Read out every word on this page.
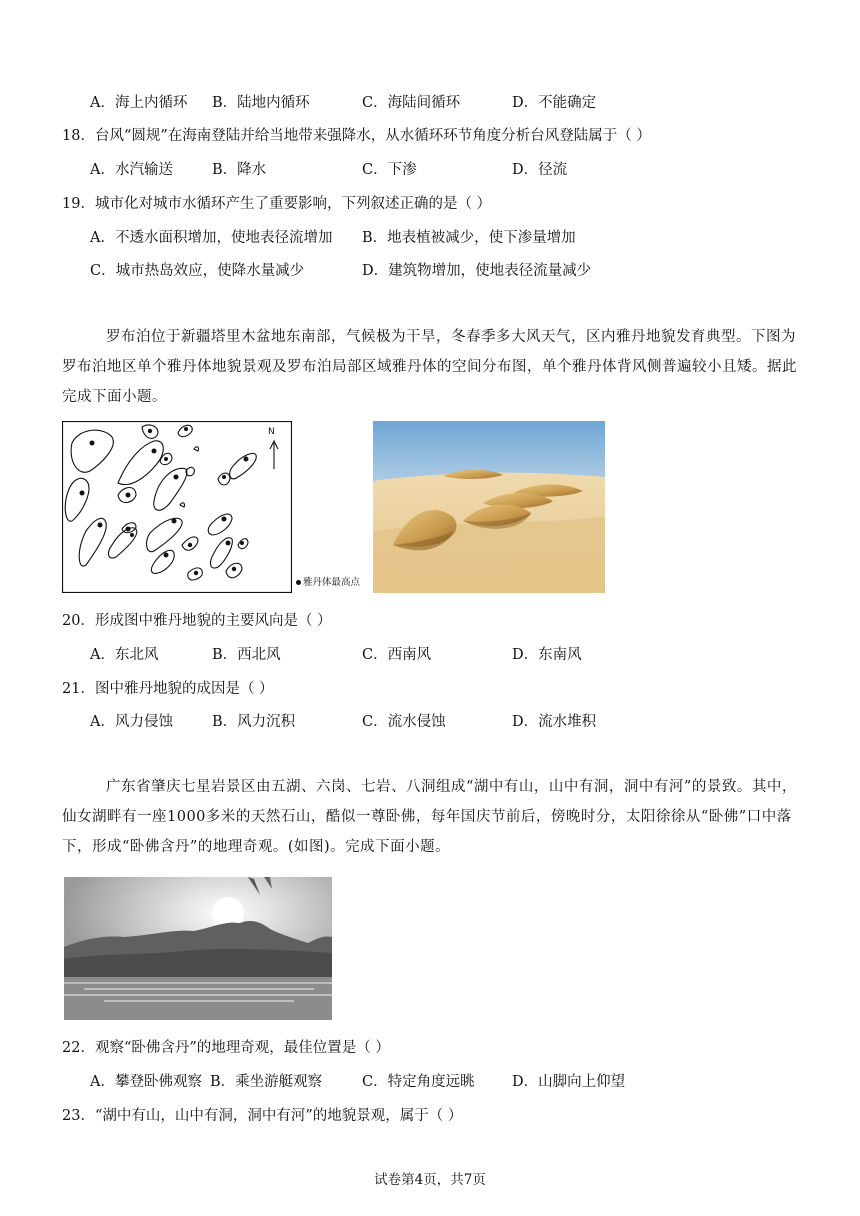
A．海上内循环 B．陆地内循环	C．海陆间循环	D．不能确定
18．台风“圆规”在海南登陆并给当地带来强降水，从水循环环节角度分析台风登陆属于（ ）
A．水汽输送	B．降水	C．下渗	D．径流
19．城市化对城市水循环产生了重要影响，下列叙述正确的是（ ）
A．不透水面积增加，使地表径流增加 B．地表植被减少，使下渗量增加
C．城市热岛效应，使降水量减少	D．建筑物增加，使地表径流量减少
罗布泊位于新疆塔里木盆地东南部，气候极为干旱，冬春季多大风天气，区内雅丹地貌发育典型。下图为罗布泊地区单个雅丹体地貌景观及罗布泊局部区域雅丹体的空间分布图，单个雅丹体背风侧普遍较小且矮。据此完成下面小题。
N
雅丹体最高点
20．形成图中雅丹地貌的主要风向是（ ）
A．东北风	B．西北风	C．西南风	D．东南风
21．图中雅丹地貌的成因是（ ）
A．风力侵蚀	B．风力沉积	C．流水侵蚀	D．流水堆积
广东省肇庆七星岩景区由五湖、六岗、七岩、八洞组成“湖中有山，山中有洞，洞中有河”的景致。其中，仙女湖畔有一座1000多米的天然石山，酷似一尊卧佛，每年国庆节前后，傍晚时分，太阳徐徐从“卧佛”口中落下，形成“卧佛含丹”的地理奇观。(如图)。完成下面小题。
22．观察“卧佛含丹”的地理奇观，最佳位置是（ ）
A．攀登卧佛观察 B．乘坐游艇观察	C．特定角度远眺	D．山脚向上仰望
23．“湖中有山，山中有洞，洞中有河”的地貌景观，属于（ ）
试卷第4页，共7页
